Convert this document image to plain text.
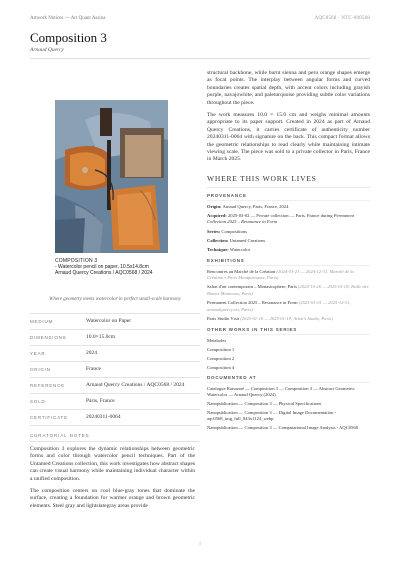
Artwork Notices — Art Quant Assina	AQC0568 · NTC-000568
Composition 3
Arnaud Quercy
COMPOSITION 3
- Watercolor pencil on paper, 10.5x14.8cm
Arnaud Quercy Creations / AQC0568 / 2024
Where geometry meets watercolor in perfect small-scale harmony
MEDIUM	Watercolor on Paper
DIMENSIONS	10.0×15.0cm
YEAR	2024
ORIGIN	France
REFERENCE	Arnaud Quercy Creations / AQC0568 / 2024
SOLD	Paris, France
CERTIFICATE	20240311-0064
CURATORIAL NOTES

Composition 3 explores the dynamic relationships between geometric forms and color through watercolor pencil techniques. Part of the Untamed Creations collection, this work investigates how abstract shapes can create visual harmony while maintaining individual character within a unified composition.

The composition centers on cool blue-gray tones that dominate the surface, creating a foundation for warmer orange and brown geometric elements. Steel gray and lightslategray areas provide

structural backbone, while burnt sienna and peru orange shapes emerge as focal points. The interplay between angular forms and curved boundaries creates spatial depth, with accent colors including grayish purple, navajowhite, and paleturquoise providing subtle color variations throughout the piece.

The work measures 10.0 × 15.0 cm and weighs minimal amounts appropriate to its paper support. Created in 2024 as part of Arnaud Quercy Creations, it carries certificate of authenticity number 20240311-0064 with signature on the back. This compact format allows the geometric relationships to read clearly while maintaining intimate viewing scale. The piece was sold to a private collector in Paris, France in March 2025.

WHERE THIS WORK LIVES
PROVENANCE
Origin: Arnaud Quercy, Paris, France, 2024
Acquired: 2025-03-02 — Private collection — Paris, France during Permanent Collection 2025 – Resonance in Form
Series: Compositions
Collection: Untamed Creations
Technique: Watercolor
EXHIBITIONS
Rencontres au Marché de la Création (2024-03-21 — 2024-12-31, Marché de la Création • Paris Montparnasse, Paris)
Salon d'art contemporain – Monastrophere, Paris (2024-10-26 — 2025-01-05, Halle des Blancs Manteaux, Paris)
Permanent Collection 2025 – Resonance in Form (2025-01-01 — 2025-12-31, arnaudquercy.art, Paris)
Paris Studio Visit (2025-01-10 — 2025-01-19, Artist's Studio, Paris)
OTHER WORKS IN THIS SERIES
Metaboles
Composition 1
Composition 2
Composition 4
DOCUMENTED AT
Catalogue Raisonné — Composition 3 — Composition 3 — Abstract Geometric Watercolor — Arnaud Quercy (2024)
Nanopublication — Composition 3 — Physical Specifications
Nanopublication — Composition 3 — Digital Image Documentation - aqc0568_img_full_843x1124_webp
Nanopublication — Composition 3 — Computational Image Analysis - AQC0568
1
